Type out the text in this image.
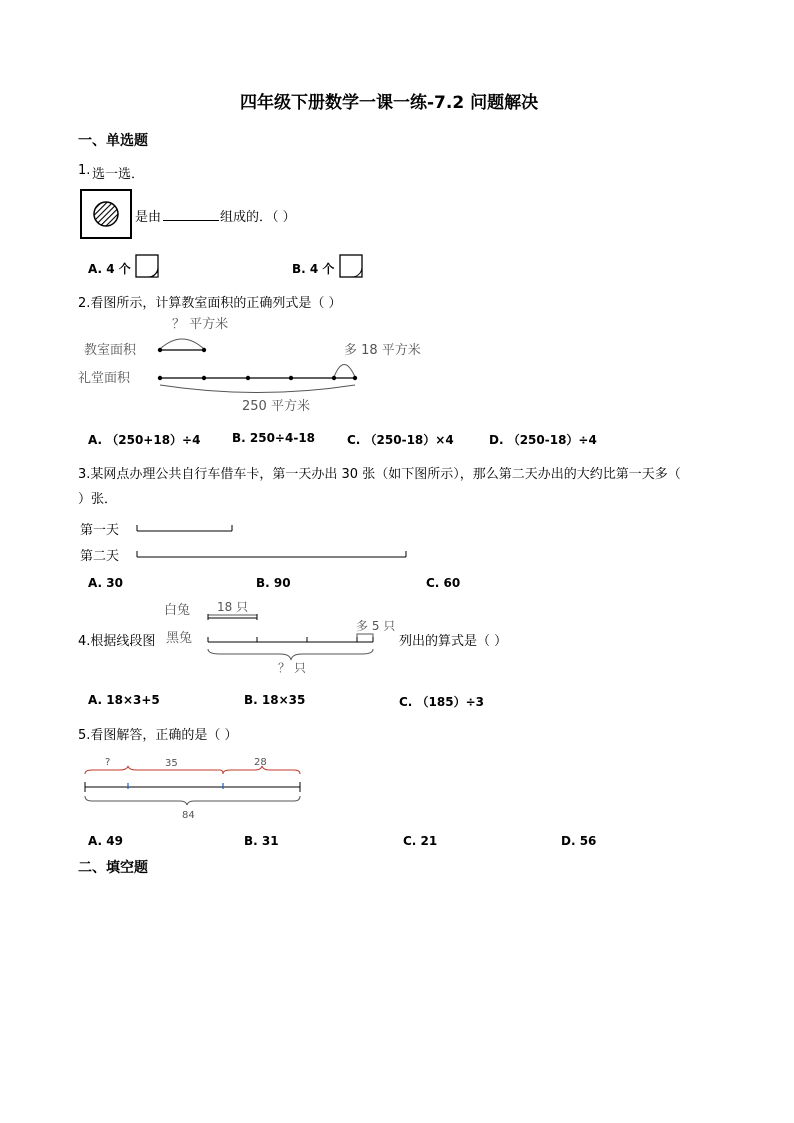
四年级下册数学一课一练-7.2 问题解决
一、单选题
1. 选一选．
是由	组成的．（ ）
A. 4 个	B. 4 个
2.看图所示，计算教室面积的正确列式是（ ）
？ 平方米
教室面积	多 18 平方米
礼堂面积
250 平方米
A. （250+18）÷4	B. 250÷4-18	C. （250-18）×4	D. （250-18）÷4
3.某网点办理公共自行车借车卡，第一天办出 30 张（如下图所示），那么第二天办出的大约比第一天多（
）张．
第一天
第二天
A. 30	B. 90	C. 60
4.根据线段图
白兔 18 只
多 5 只
黑兔
？ 只
列出的算式是（ ）
A. 18×3+5	B. 18×35	C. （185）÷3
5.看图解答，正确的是（ ）
?	35	28
84
A. 49	B. 31	C. 21	D. 56
二、填空题
